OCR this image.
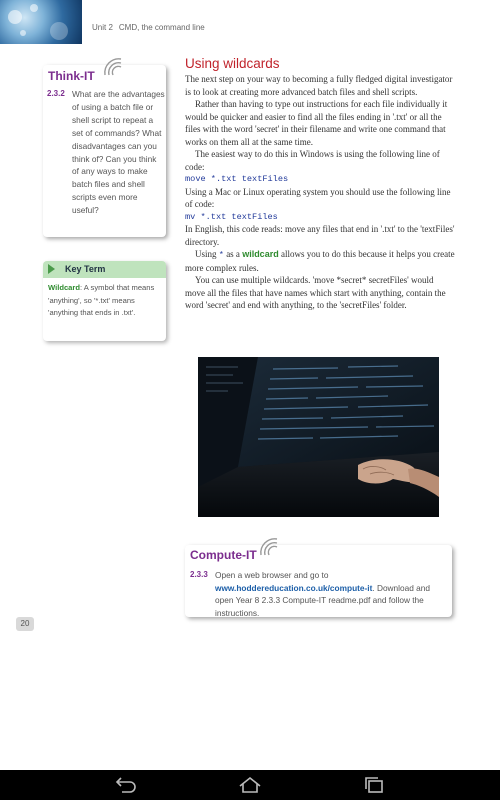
Unit 2 CMD, the command line
Think-IT
2.3.2 What are the advantages of using a batch file or shell script to repeat a set of commands? What disadvantages can you think of? Can you think of any ways to make batch files and shell scripts even more useful?
Key Term
Wildcard: A symbol that means 'anything', so '*.txt' means 'anything that ends in .txt'.
20
Using wildcards

The next step on your way to becoming a fully fledged digital investigator is to look at creating more advanced batch files and shell scripts.

Rather than having to type out instructions for each file individually it would be quicker and easier to find all the files ending in '.txt' or all the files with the word 'secret' in their filename and write one command that works on them all at the same time.

The easiest way to do this in Windows is using the following line of code:

move *.txt textFiles

Using a Mac or Linux operating system you should use the following line of code:

mv *.txt textFiles

In English, this code reads: move any files that end in '.txt' to the 'textFiles' directory.

Using * as a wildcard allows you to do this because it helps you create more complex rules.

You can use multiple wildcards. 'move *secret* secretFiles' would move all the files that have names which start with anything, contain the word 'secret' and end with anything, to the 'secretFiles' folder.

Compute-IT
2.3.3 Open a web browser and go to www.hoddereducation.co.uk/compute-it. Download and open Year 8 2.3.3 Compute-IT readme.pdf and follow the instructions.
